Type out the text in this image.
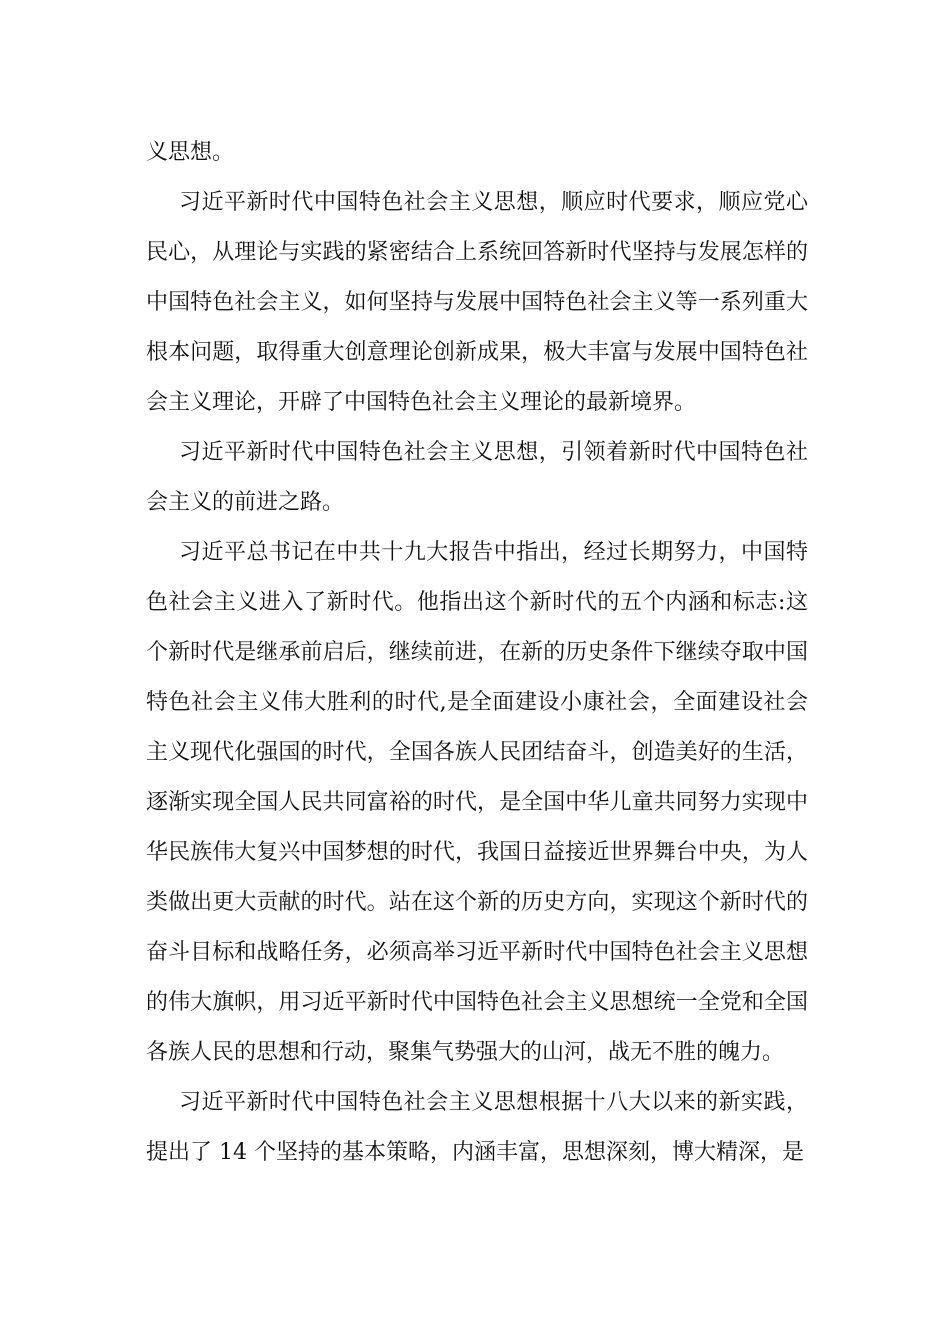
义思想。

习近平新时代中国特色社会主义思想，顺应时代要求，顺应党心民心，从理论与实践的紧密结合上系统回答新时代坚持与发展怎样的中国特色社会主义，如何坚持与发展中国特色社会主义等一系列重大根本问题，取得重大创意理论创新成果，极大丰富与发展中国特色社会主义理论，开辟了中国特色社会主义理论的最新境界。

习近平新时代中国特色社会主义思想，引领着新时代中国特色社会主义的前进之路。

习近平总书记在中共十九大报告中指出，经过长期努力，中国特色社会主义进入了新时代。他指出这个新时代的五个内涵和标志:这个新时代是继承前启后，继续前进，在新的历史条件下继续夺取中国特色社会主义伟大胜利的时代,是全面建设小康社会，全面建设社会主义现代化强国的时代，全国各族人民团结奋斗，创造美好的生活，逐渐实现全国人民共同富裕的时代，是全国中华儿童共同努力实现中华民族伟大复兴中国梦想的时代，我国日益接近世界舞台中央，为人类做出更大贡献的时代。站在这个新的历史方向，实现这个新时代的奋斗目标和战略任务，必须高举习近平新时代中国特色社会主义思想的伟大旗帜，用习近平新时代中国特色社会主义思想统一全党和全国各族人民的思想和行动，聚集气势强大的山河，战无不胜的魄力。

习近平新时代中国特色社会主义思想根据十八大以来的新实践，提出了 14 个坚持的基本策略，内涵丰富，思想深刻，博大精深，是
